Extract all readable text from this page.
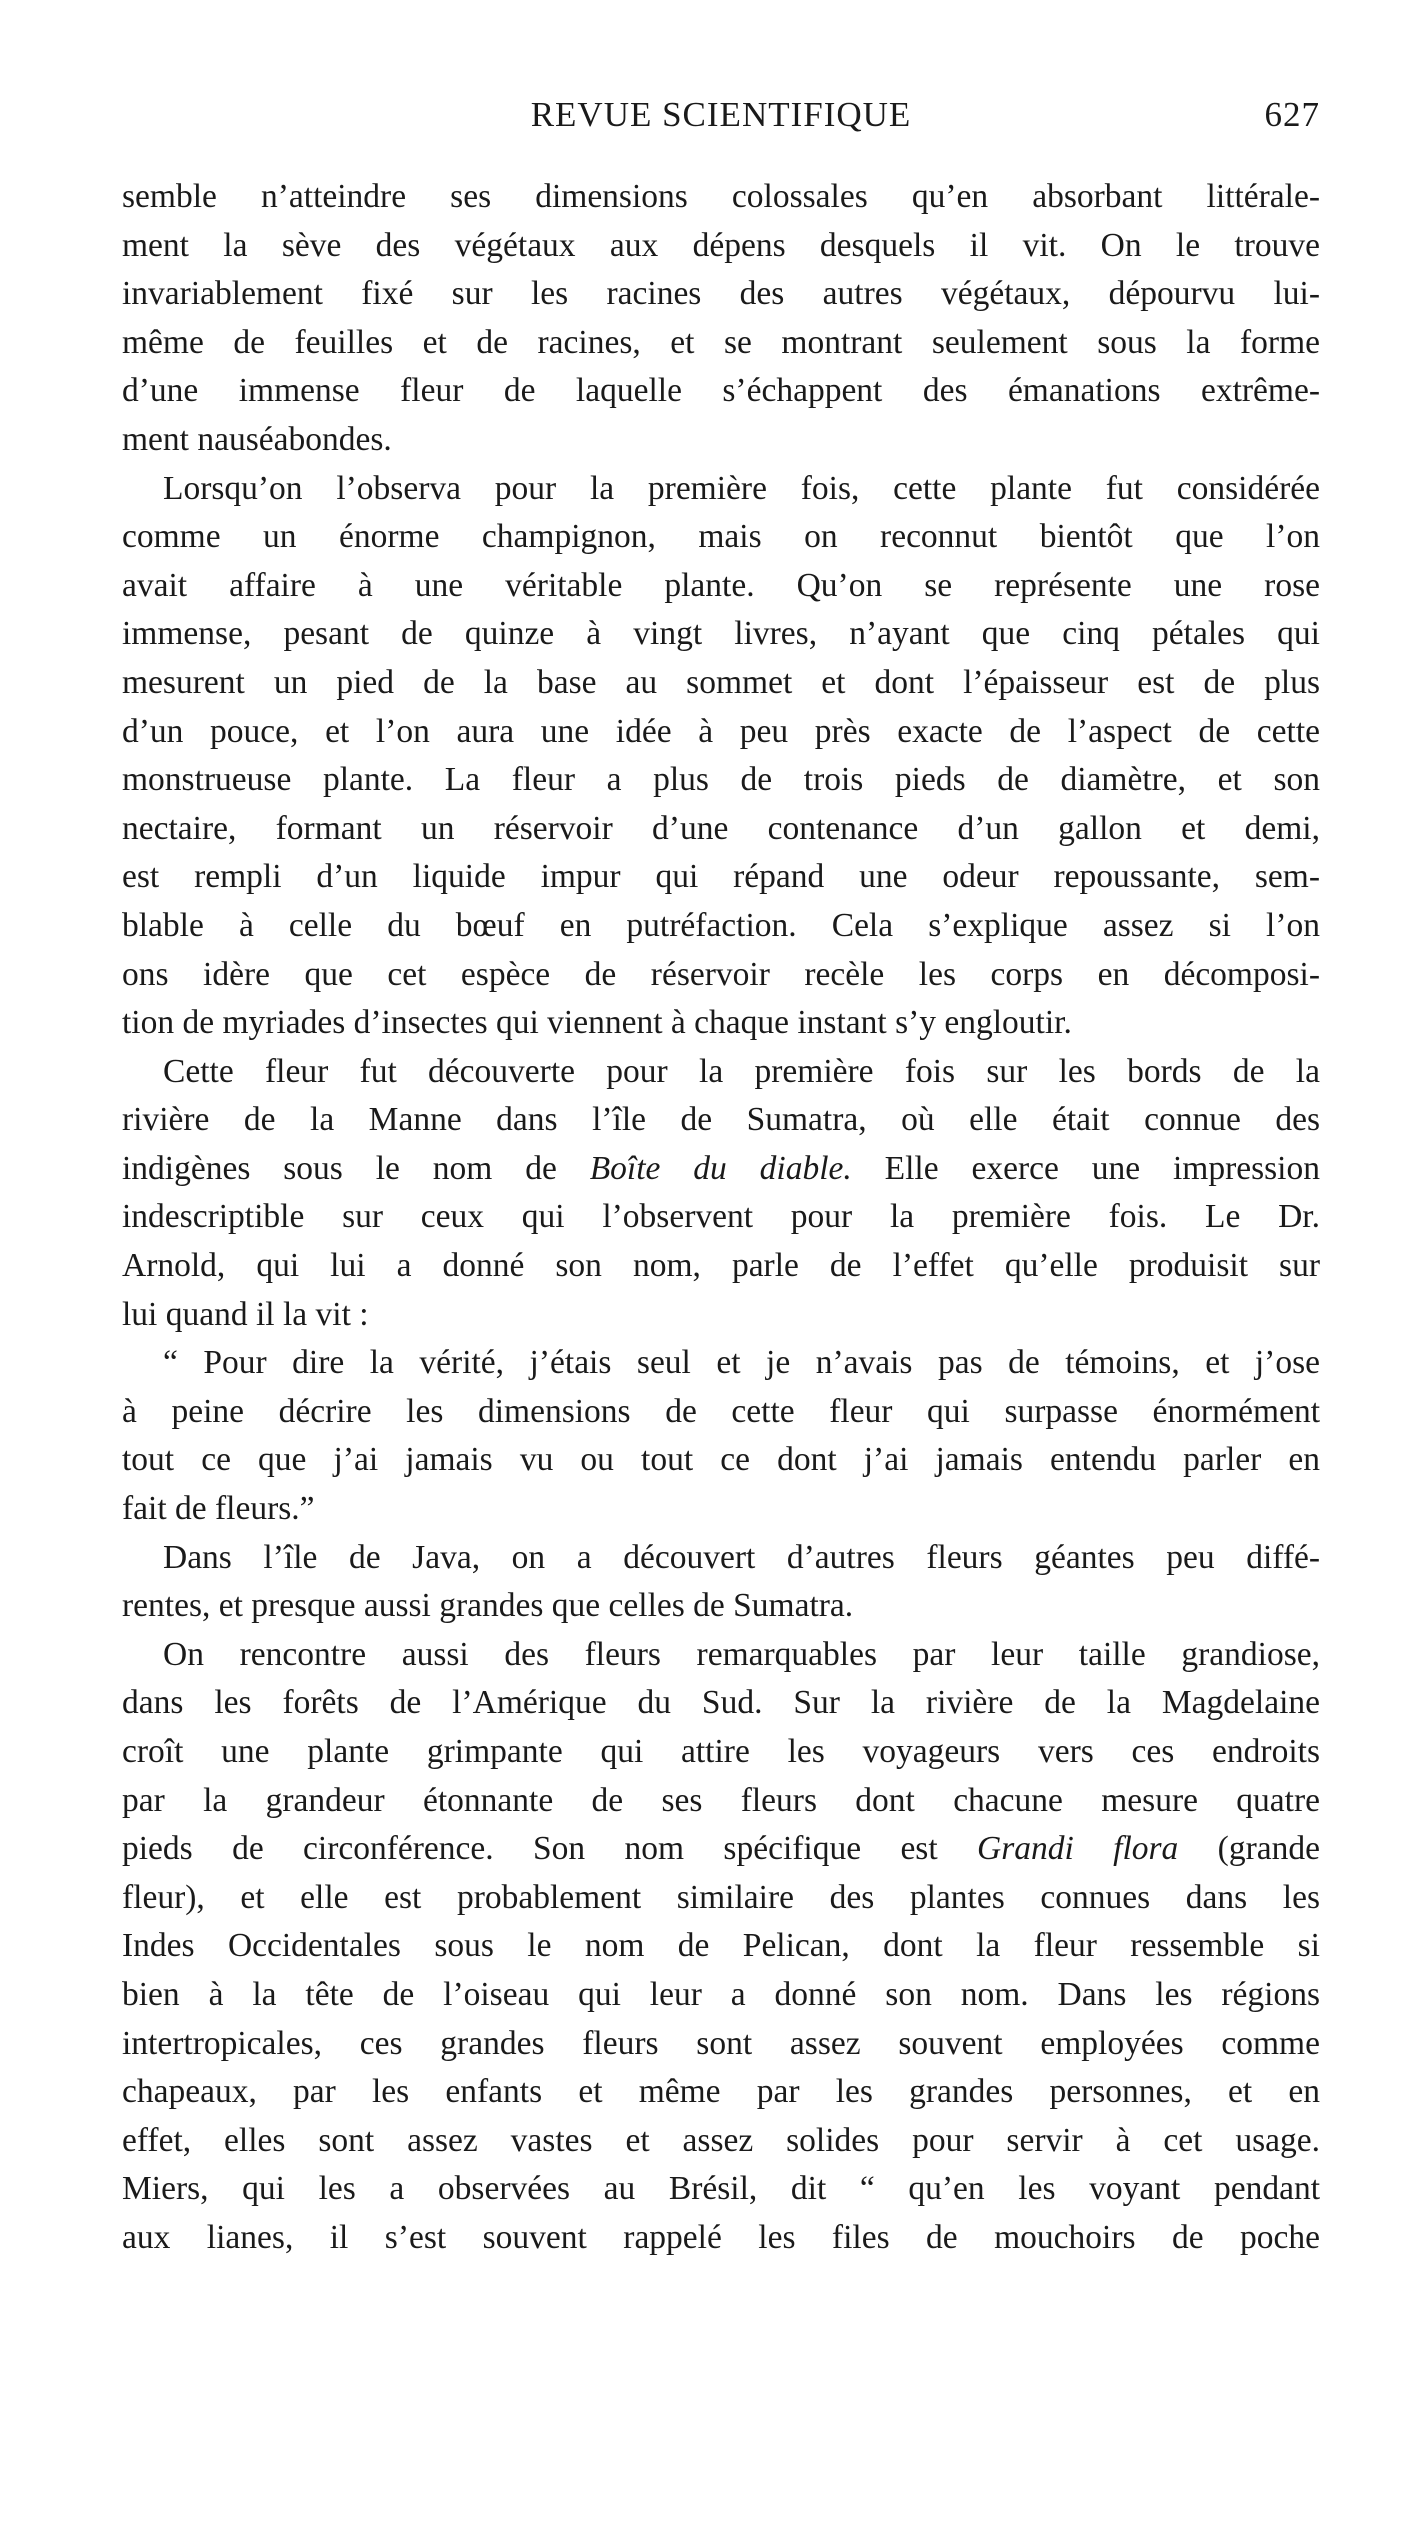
REVUE SCIENTIFIQUE	627

semble n’atteindre ses dimensions colossales qu’en absorbant littérale-
ment la sève des végétaux aux dépens desquels il vit. On le trouve
invariablement fixé sur les racines des autres végétaux, dépourvu lui-
même de feuilles et de racines, et se montrant seulement sous la forme
d’une immense fleur de laquelle s’échappent des émanations extrême-
ment nauséabondes.

Lorsqu’on l’observa pour la première fois, cette plante fut considérée
comme un énorme champignon, mais on reconnut bientôt que l’on
avait affaire à une véritable plante. Qu’on se représente une rose
immense, pesant de quinze à vingt livres, n’ayant que cinq pétales qui
mesurent un pied de la base au sommet et dont l’épaisseur est de plus
d’un pouce, et l’on aura une idée à peu près exacte de l’aspect de cette
monstrueuse plante. La fleur a plus de trois pieds de diamètre, et son
nectaire, formant un réservoir d’une contenance d’un gallon et demi,
est rempli d’un liquide impur qui répand une odeur repoussante, sem-
blable à celle du bœuf en putréfaction. Cela s’explique assez si l’on
ons idère que cet espèce de réservoir recèle les corps en décomposi-
tion de myriades d’insectes qui viennent à chaque instant s’y engloutir.

Cette fleur fut découverte pour la première fois sur les bords de la
rivière de la Manne dans l’île de Sumatra, où elle était connue des
indigènes sous le nom de Boîte du diable. Elle exerce une impression
indescriptible sur ceux qui l’observent pour la première fois. Le Dr.
Arnold, qui lui a donné son nom, parle de l’effet qu’elle produisit sur
lui quand il la vit :

“ Pour dire la vérité, j’étais seul et je n’avais pas de témoins, et j’ose
à peine décrire les dimensions de cette fleur qui surpasse énormément
tout ce que j’ai jamais vu ou tout ce dont j’ai jamais entendu parler en
fait de fleurs.”

Dans l’île de Java, on a découvert d’autres fleurs géantes peu diffé-
rentes, et presque aussi grandes que celles de Sumatra.

On rencontre aussi des fleurs remarquables par leur taille grandiose,
dans les forêts de l’Amérique du Sud. Sur la rivière de la Magdelaine
croît une plante grimpante qui attire les voyageurs vers ces endroits
par la grandeur étonnante de ses fleurs dont chacune mesure quatre
pieds de circonférence. Son nom spécifique est Grandi flora (grande
fleur), et elle est probablement similaire des plantes connues dans les
Indes Occidentales sous le nom de Pelican, dont la fleur ressemble si
bien à la tête de l’oiseau qui leur a donné son nom. Dans les régions
intertropicales, ces grandes fleurs sont assez souvent employées comme
chapeaux, par les enfants et même par les grandes personnes, et en
effet, elles sont assez vastes et assez solides pour servir à cet usage.
Miers, qui les a observées au Brésil, dit “ qu’en les voyant pendant
aux lianes, il s’est souvent rappelé les files de mouchoirs de poche
